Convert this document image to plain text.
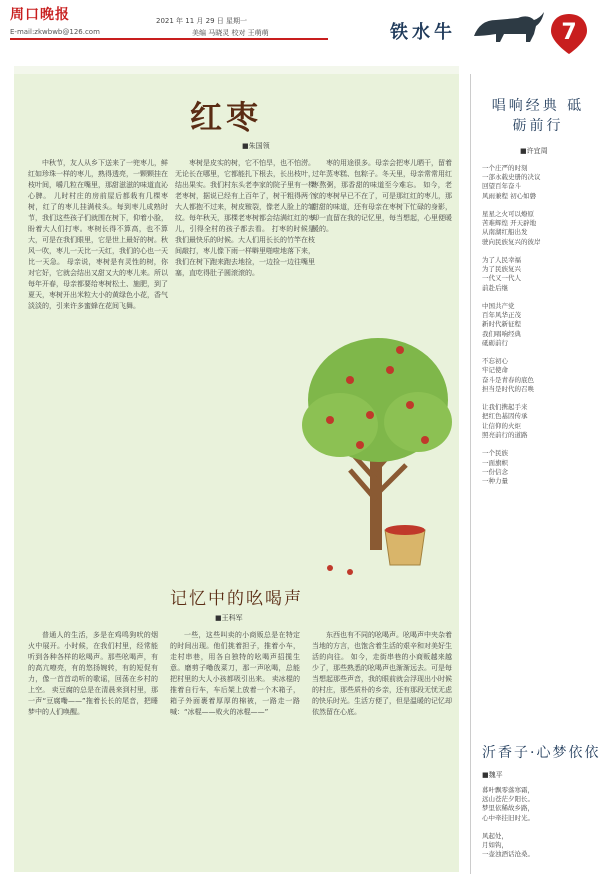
周口晚报
E-mail:zkwbwb@126.com
2021 年 11 月 29 日 星期一
美编 马晓灵 校对 王萌萌	铁水牛	7
红枣
■朱国领

中秋节，友人从乡下送来了一兜枣儿，鲜红如珍珠一样的枣儿，熟得透亮，一颗颗挂在枝叶间，嚼几粒在嘴里，那甜滋滋的味道直沁心脾。 儿时村庄的房前屋后都栽有几棵枣树，红了的枣儿挂满枝头。每到枣儿成熟时节，我们这些孩子们就围在树下，仰着小脸，盼着大人们打枣。枣树长得不算高，也不算大，可是在我们眼里，它是世上最好的树。秋风一吹，枣儿一天比一天红，我们的心也一天比一天急。 母亲说，枣树是有灵性的树，你对它好，它就会结出又甜又大的枣儿来。所以每年开春，母亲都要给枣树松土、施肥，到了夏天，枣树开出米粒大小的黄绿色小花，香气淡淡的，引来许多蜜蜂在花间飞舞。

枣树是皮实的树，它不怕旱，也不怕涝。无论长在哪里，它都能扎下根去，长出枝叶，结出果实。我们村东头老李家的院子里有一棵老枣树，据说已经有上百年了，树干粗得两个大人都抱不过来，树皮皲裂，像老人脸上的皱纹。每年秋天，那棵老枣树都会结满红红的枣儿，引得全村的孩子都去看。 打枣的时候是我们最快乐的时候。大人们用长长的竹竿在枝间敲打，枣儿像下雨一样噼里啪啦地落下来，我们在树下跑来跑去地捡，一边捡一边往嘴里塞，直吃得肚子圆滚滚的。

枣的用途很多。母亲会把枣儿晒干，留着过年蒸枣糕、包粽子。冬天里，母亲常常用红枣熬粥，那香甜的味道至今难忘。 如今，老家的枣树早已不在了，可是那红红的枣儿，那甜甜的味道，还有母亲在枣树下忙碌的身影，却一直留在我的记忆里，每当想起，心里便暖暖的。

记忆中的吆喝声
■王科军

普通人的生活，多是在鸡鸣狗吠的烟火中展开。小时候，在我们村里，经常能听到各种各样的吆喝声。那些吆喝声，有的高亢嘹亮，有的悠扬婉转，有的短促有力，像一首首动听的歌谣，回荡在乡村的上空。 卖豆腐的总是在清晨来到村里，那一声“豆腐嘞——”拖着长长的尾音，把睡梦中的人们唤醒。

一些，这些叫卖的小商贩总是在特定的时间出现。他们挑着担子，推着小车，走村串巷，用各自独特的吆喝声招揽生意。磨剪子嘞戗菜刀，那一声吆喝，总能把村里的大人小孩都吸引出来。 卖冰棍的推着自行车，车后架上放着一个木箱子，箱子外面裹着厚厚的棉被，一路走一路喊：“冰棍——败火的冰棍——”

东西也有不同的吆喝声。吆喝声中夹杂着当地的方言，也饱含着生活的艰辛和对美好生活的向往。 如今，走街串巷的小商贩越来越少了，那些熟悉的吆喝声也渐渐远去。可是每当想起那些声音，我的眼前就会浮现出小时候的村庄，那些质朴的乡亲，还有那段无忧无虑的快乐时光。生活方便了，但是温暖的记忆却依然留在心底。

唱响经典 砥砺前行
■许宜周
一个庄严的时刻
一部永载史册的决议
回望百年奋斗
风雨兼程 初心如磐

星星之火可以燎原
苦难辉煌 开天辟地
从南湖红船出发
驶向民族复兴的彼岸

为了人民幸福
为了民族复兴
一代又一代人
前赴后继

中国共产党
百年风华正茂
新时代新征程
我们唱响经典
砥砺前行

不忘初心
牢记使命
奋斗是青春的底色
担当是时代的召唤

让我们携起手来
把红色基因传承
让信仰的火炬
照亮前行的道路

一个民族
一面旗帜
一份信念
一种力量
沂香子·心梦依依
■魏平
暮叶飘零落寒霜，
远山苍茫夕阳长。
梦里依稀故乡路，
心中牵挂旧时光。

风起处，
月如钩，
一壶浊酒话沧桑。
